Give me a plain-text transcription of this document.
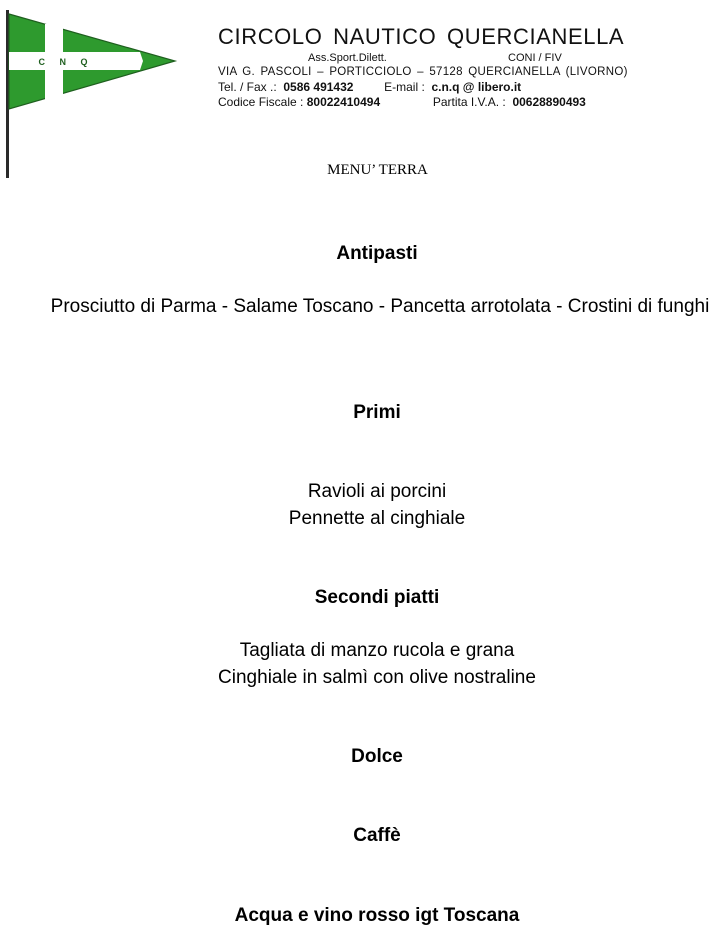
C N Q
CIRCOLO NAUTICO QUERCIANELLA
Ass.Sport.Dilett.	CONI / FIV
VIA G. PASCOLI – PORTICCIOLO – 57128 QUERCIANELLA (LIVORNO)
Tel. / Fax .: 0586 491432	E-mail : c.n.q @ libero.it
Codice Fiscale : 80022410494	Partita I.V.A. : 00628890493
MENU’ TERRA
Antipasti
Prosciutto di Parma - Salame Toscano - Pancetta arrotolata - Crostini di funghi
Primi
Ravioli ai porcini
Pennette al cinghiale
Secondi piatti
Tagliata di manzo rucola e grana
Cinghiale in salmì con olive nostraline
Dolce
Caffè
Acqua e vino rosso igt Toscana
